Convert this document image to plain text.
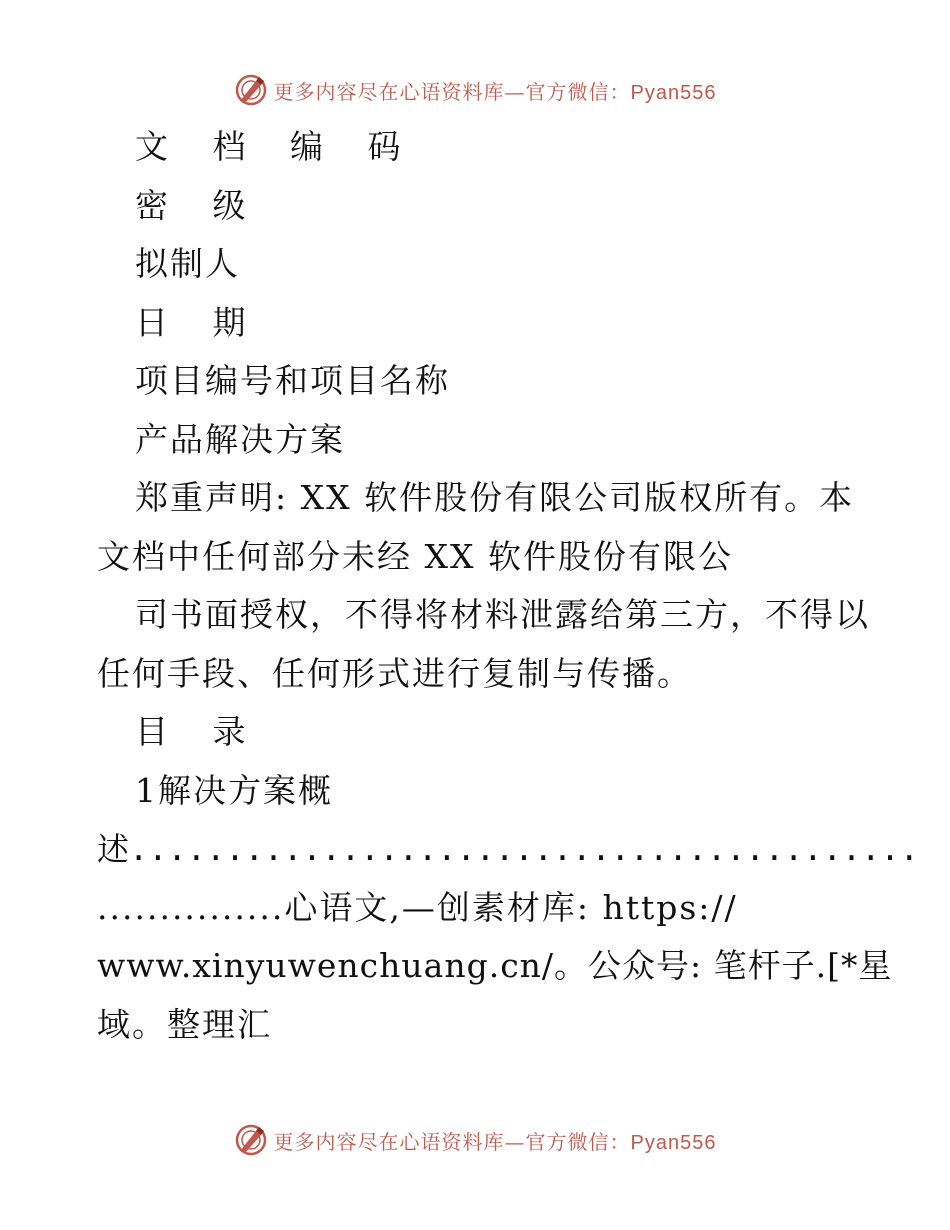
更多内容尽在心语资料库—官方微信：Pyan556
文 档 编 码
密 级
拟制人
日 期
项目编号和项目名称
产品解决方案
郑重声明: XX 软件股份有限公司版权所有。本
文档中任何部分未经 XX 软件股份有限公
司书面授权，不得将材料泄露给第三方，不得以
任何手段、任何形式进行复制与传播。
目 录
1解决方案概
述.........................................
...............心语文,—创素材库: https://
www.xinyuwenchuang.cn/。公众号: 笔杆子.[*星
域。整理汇
更多内容尽在心语资料库—官方微信：Pyan556
